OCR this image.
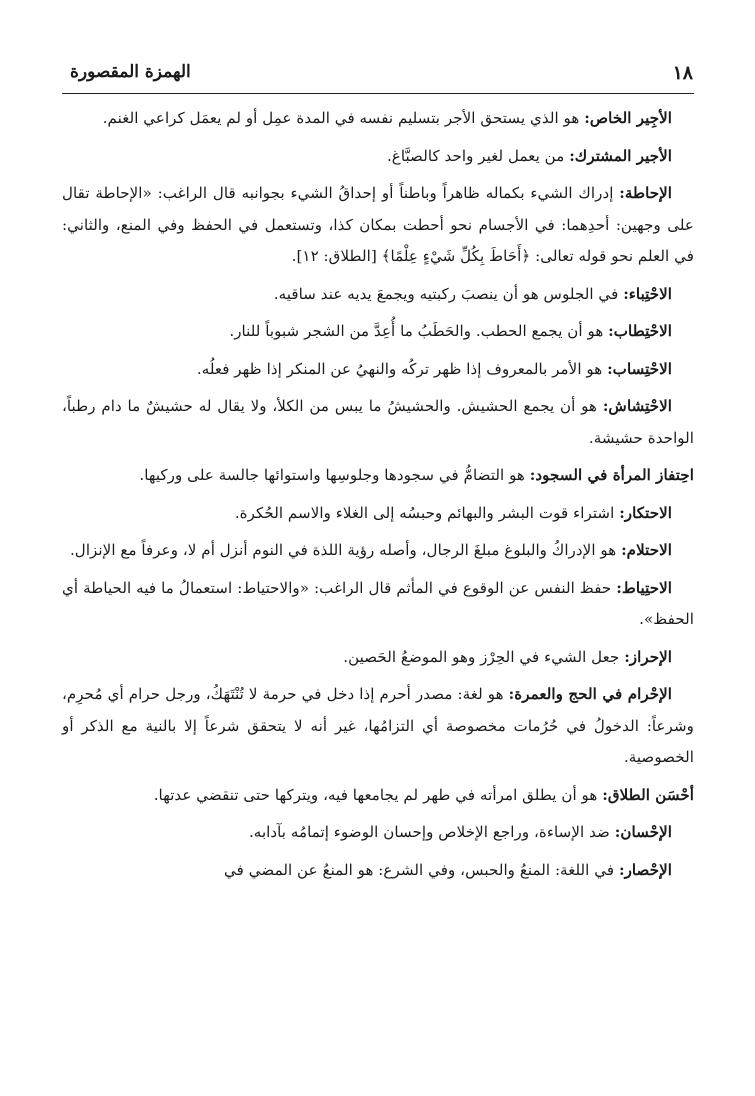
١٨
الهمزة المقصورة

الأجِير الخاص: هو الذي يستحق الأجر بتسليم نفسه في المدة عمِل أو لم يعمَل كراعي الغنم.

الأجير المشترك: من يعمل لغير واحد كالصبَّاغ.

الإحاطة: إدراك الشيء بكماله ظاهراً وباطناً أو إحداقُ الشيء بجوانبه قال الراغب: «الإحاطة تقال على وجهين: أحدِهما: في الأجسام نحو أحطت بمكان كذا، وتستعمل في الحفظ وفي المنع، والثاني: في العلم نحو قوله تعالى: ﴿أَحَاطَ بِكُلِّ شَيْءٍ عِلْمًا﴾ [الطلاق: ١٢].

الاحْتِباء: في الجلوس هو أن ينصبَ ركبتيه ويجمعَ يديه عند ساقيه.

الاحْتِطاب: هو أن يجمع الحطب. والحَطَبُ ما أُعِدَّ من الشجر شبوباً للنار.

الاحْتِساب: هو الأمر بالمعروف إذا ظهر تركُه والنهيُ عن المنكر إذا ظهر فعلُه.

الاحْتِشاش: هو أن يجمع الحشيش. والحشيشُ ما يبس من الكلأ، ولا يقال له حشيشٌ ما دام رطباً، الواحدة حشيشة.

احِتفاز المرأة في السجود: هو التضامُّ في سجودها وجلوسِها واستوائها جالسة على وركيها.

الاحتكار: اشتراء قوت البشر والبهائم وحبسُه إلى الغلاء والاسم الحُكرة.

الاحتلام: هو الإدراكُ والبلوغ مبلغَ الرجال، وأصله رؤية اللذة في النوم أنزل أم لا، وعرفاً مع الإنزال.

الاحتِياط: حفظ النفس عن الوقوع في المأثم قال الراغب: «والاحتياط: استعمالُ ما فيه الحياطة أي الحفظ».

الإحراز: جعل الشيء في الحِرْز وهو الموضعُ الحَصين.

الإحْرام في الحج والعمرة: هو لغة: مصدر أحرم إذا دخل في حرمة لا تُنْتَهَكُ، ورجل حرام أي مُحرِم، وشرعاً: الدخولُ في حُرُمات مخصوصة أي التزامُها، غير أنه لا يتحقق شرعاً إلا بالنية مع الذكر أو الخصوصية.

أحْسَن الطلاق: هو أن يطلق امرأته في طهر لم يجامعها فيه، ويتركها حتى تنقضي عدتها.

الإحْسان: ضد الإساءة، وراجع الإخلاص وإحسان الوضوء إتمامُه بآدابه.

الإحْصار: في اللغة: المنعُ والحبس، وفي الشرع: هو المنعُ عن المضي في
